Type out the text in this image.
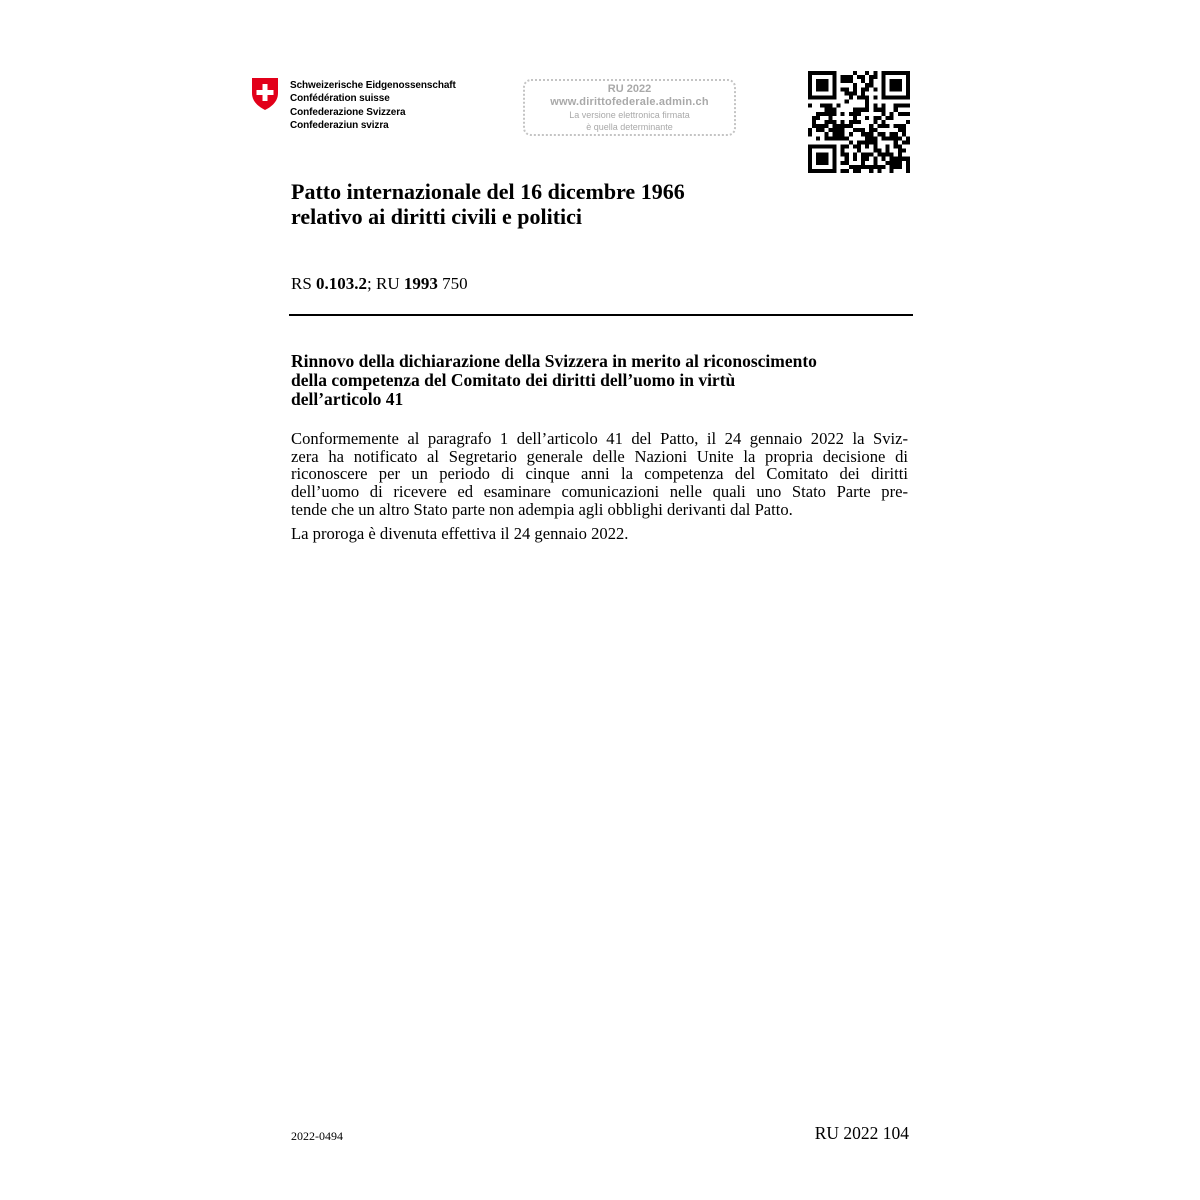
Schweizerische Eidgenossenschaft
Confédération suisse
Confederazione Svizzera
Confederaziun svizra
RU 2022
www.dirittofederale.admin.ch
La versione elettronica firmata
è quella determinante
Patto internazionale del 16 dicembre 1966
relativo ai diritti civili e politici
RS 0.103.2; RU 1993 750
Rinnovo della dichiarazione della Svizzera in merito al riconoscimento
della competenza del Comitato dei diritti dell’uomo in virtù
dell’articolo 41
Conformemente al paragrafo 1 dell’articolo 41 del Patto, il 24 gennaio 2022 la Sviz-
zera ha notificato al Segretario generale delle Nazioni Unite la propria decisione di
riconoscere per un periodo di cinque anni la competenza del Comitato dei diritti
dell’uomo di ricevere ed esaminare comunicazioni nelle quali uno Stato Parte pre-
tende che un altro Stato parte non adempia agli obblighi derivanti dal Patto.
La proroga è divenuta effettiva il 24 gennaio 2022.
2022-0494	RU 2022 104
